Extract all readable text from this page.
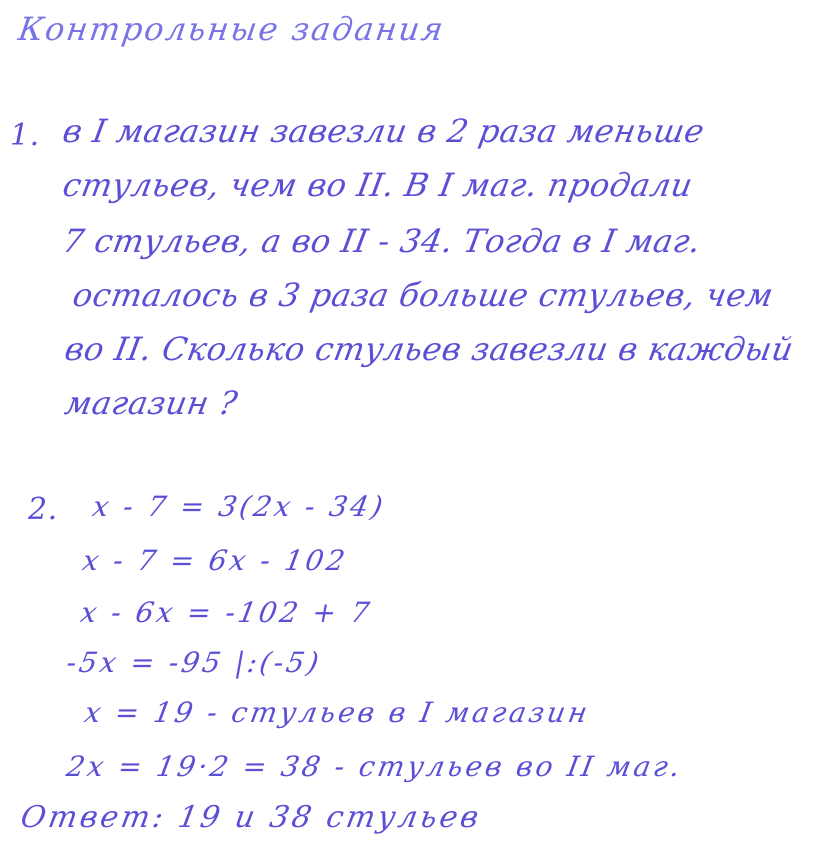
Контрольные задания
1. в I магазин завезли в 2 раза меньше
стульев, чем во II. В I маг. продали
7 стульев, а во II - 34. Тогда в I маг.
осталось в 3 раза больше стульев, чем
во II. Сколько стульев завезли в каждый
магазин ?
2. x - 7 = 3(2x - 34)
x - 7 = 6x - 102
x - 6x = -102 + 7
-5x = -95 |:(-5)
x = 19 - стульев в I магазин
2x = 19·2 = 38 - стульев во II маг.
Ответ: 19 и 38 стульев
